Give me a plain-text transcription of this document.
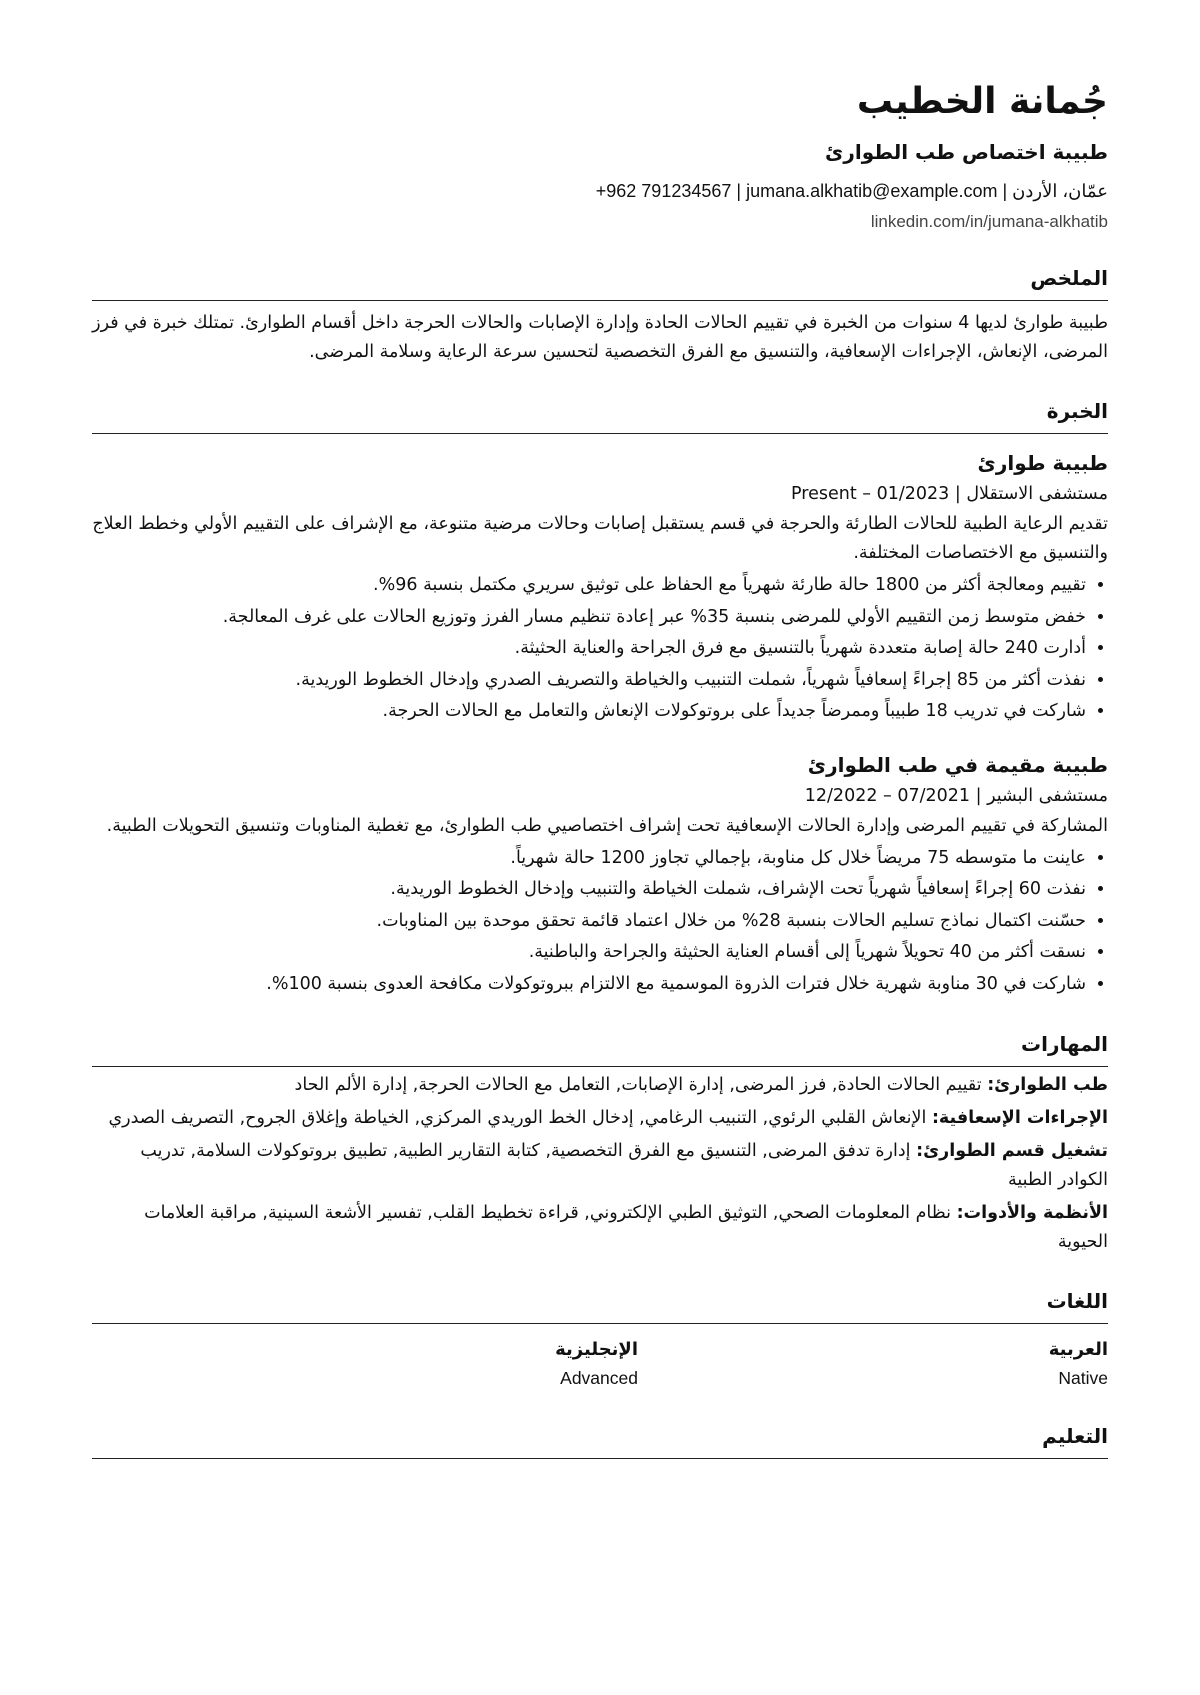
جُمانة الخطيب
طبيبة اختصاص طب الطوارئ
+962 791234567 | jumana.alkhatib@example.com | عمّان، الأردن
linkedin.com/in/jumana-alkhatib
الملخص
طبيبة طوارئ لديها 4 سنوات من الخبرة في تقييم الحالات الحادة وإدارة الإصابات والحالات الحرجة داخل أقسام الطوارئ. تمتلك خبرة في فرز المرضى، الإنعاش، الإجراءات الإسعافية، والتنسيق مع الفرق التخصصية لتحسين سرعة الرعاية وسلامة المرضى.
الخبرة
طبيبة طوارئ
مستشفى الاستقلال | 01/2023 – Present
تقديم الرعاية الطبية للحالات الطارئة والحرجة في قسم يستقبل إصابات وحالات مرضية متنوعة، مع الإشراف على التقييم الأولي وخطط العلاج والتنسيق مع الاختصاصات المختلفة.
• تقييم ومعالجة أكثر من 1800 حالة طارئة شهرياً مع الحفاظ على توثيق سريري مكتمل بنسبة 96%.
• خفض متوسط زمن التقييم الأولي للمرضى بنسبة 35% عبر إعادة تنظيم مسار الفرز وتوزيع الحالات على غرف المعالجة.
• أدارت 240 حالة إصابة متعددة شهرياً بالتنسيق مع فرق الجراحة والعناية الحثيثة.
• نفذت أكثر من 85 إجراءً إسعافياً شهرياً، شملت التنبيب والخياطة والتصريف الصدري وإدخال الخطوط الوريدية.
• شاركت في تدريب 18 طبيباً وممرضاً جديداً على بروتوكولات الإنعاش والتعامل مع الحالات الحرجة.
طبيبة مقيمة في طب الطوارئ
مستشفى البشير | 07/2021 – 12/2022
المشاركة في تقييم المرضى وإدارة الحالات الإسعافية تحت إشراف اختصاصيي طب الطوارئ، مع تغطية المناوبات وتنسيق التحويلات الطبية.
• عاينت ما متوسطه 75 مريضاً خلال كل مناوبة، بإجمالي تجاوز 1200 حالة شهرياً.
• نفذت 60 إجراءً إسعافياً شهرياً تحت الإشراف، شملت الخياطة والتنبيب وإدخال الخطوط الوريدية.
• حسّنت اكتمال نماذج تسليم الحالات بنسبة 28% من خلال اعتماد قائمة تحقق موحدة بين المناوبات.
• نسقت أكثر من 40 تحويلاً شهرياً إلى أقسام العناية الحثيثة والجراحة والباطنية.
• شاركت في 30 مناوبة شهرية خلال فترات الذروة الموسمية مع الالتزام ببروتوكولات مكافحة العدوى بنسبة 100%.
المهارات
طب الطوارئ: تقييم الحالات الحادة, فرز المرضى, إدارة الإصابات, التعامل مع الحالات الحرجة, إدارة الألم الحاد
الإجراءات الإسعافية: الإنعاش القلبي الرئوي, التنبيب الرغامي, إدخال الخط الوريدي المركزي, الخياطة وإغلاق الجروح, التصريف الصدري
تشغيل قسم الطوارئ: إدارة تدفق المرضى, التنسيق مع الفرق التخصصية, كتابة التقارير الطبية, تطبيق بروتوكولات السلامة, تدريب الكوادر الطبية
الأنظمة والأدوات: نظام المعلومات الصحي, التوثيق الطبي الإلكتروني, قراءة تخطيط القلب, تفسير الأشعة السينية, مراقبة العلامات الحيوية
اللغات
العربية
Native
الإنجليزية
Advanced
التعليم
